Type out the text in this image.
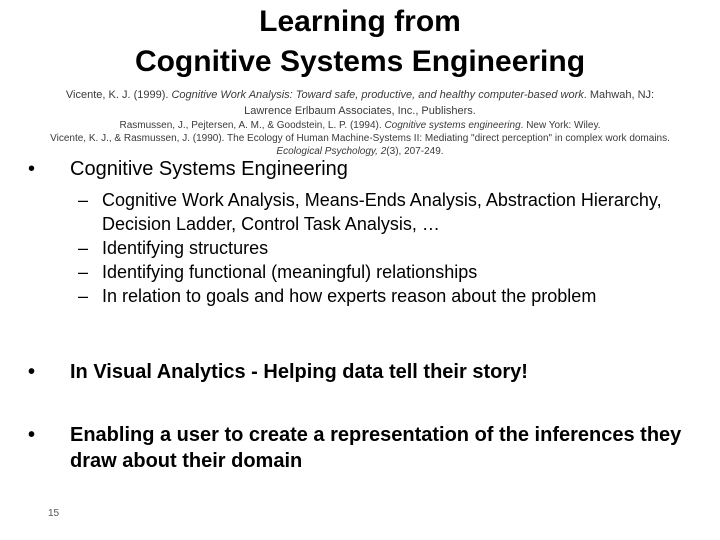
Learning from
Cognitive Systems Engineering

Vicente, K. J. (1999). Cognitive Work Analysis: Toward safe, productive, and healthy computer-based work. Mahwah, NJ: Lawrence Erlbaum Associates, Inc., Publishers.

Rasmussen, J., Pejtersen, A. M., & Goodstein, L. P. (1994). Cognitive systems engineering. New York: Wiley.

Vicente, K. J., & Rasmussen, J. (1990). The Ecology of Human Machine-Systems II: Mediating "direct perception" in complex work domains.
Ecological Psychology, 2(3), 207-249.

•	Cognitive Systems Engineering

– Cognitive Work Analysis, Means-Ends Analysis, Abstraction Hierarchy, Decision Ladder, Control Task Analysis, …

– Identifying structures

– Identifying functional (meaningful) relationships

– In relation to goals and how experts reason about the problem

•	In Visual Analytics - Helping data tell their story!
•	Enabling a user to create a representation of the inferences they draw about their domain
15
